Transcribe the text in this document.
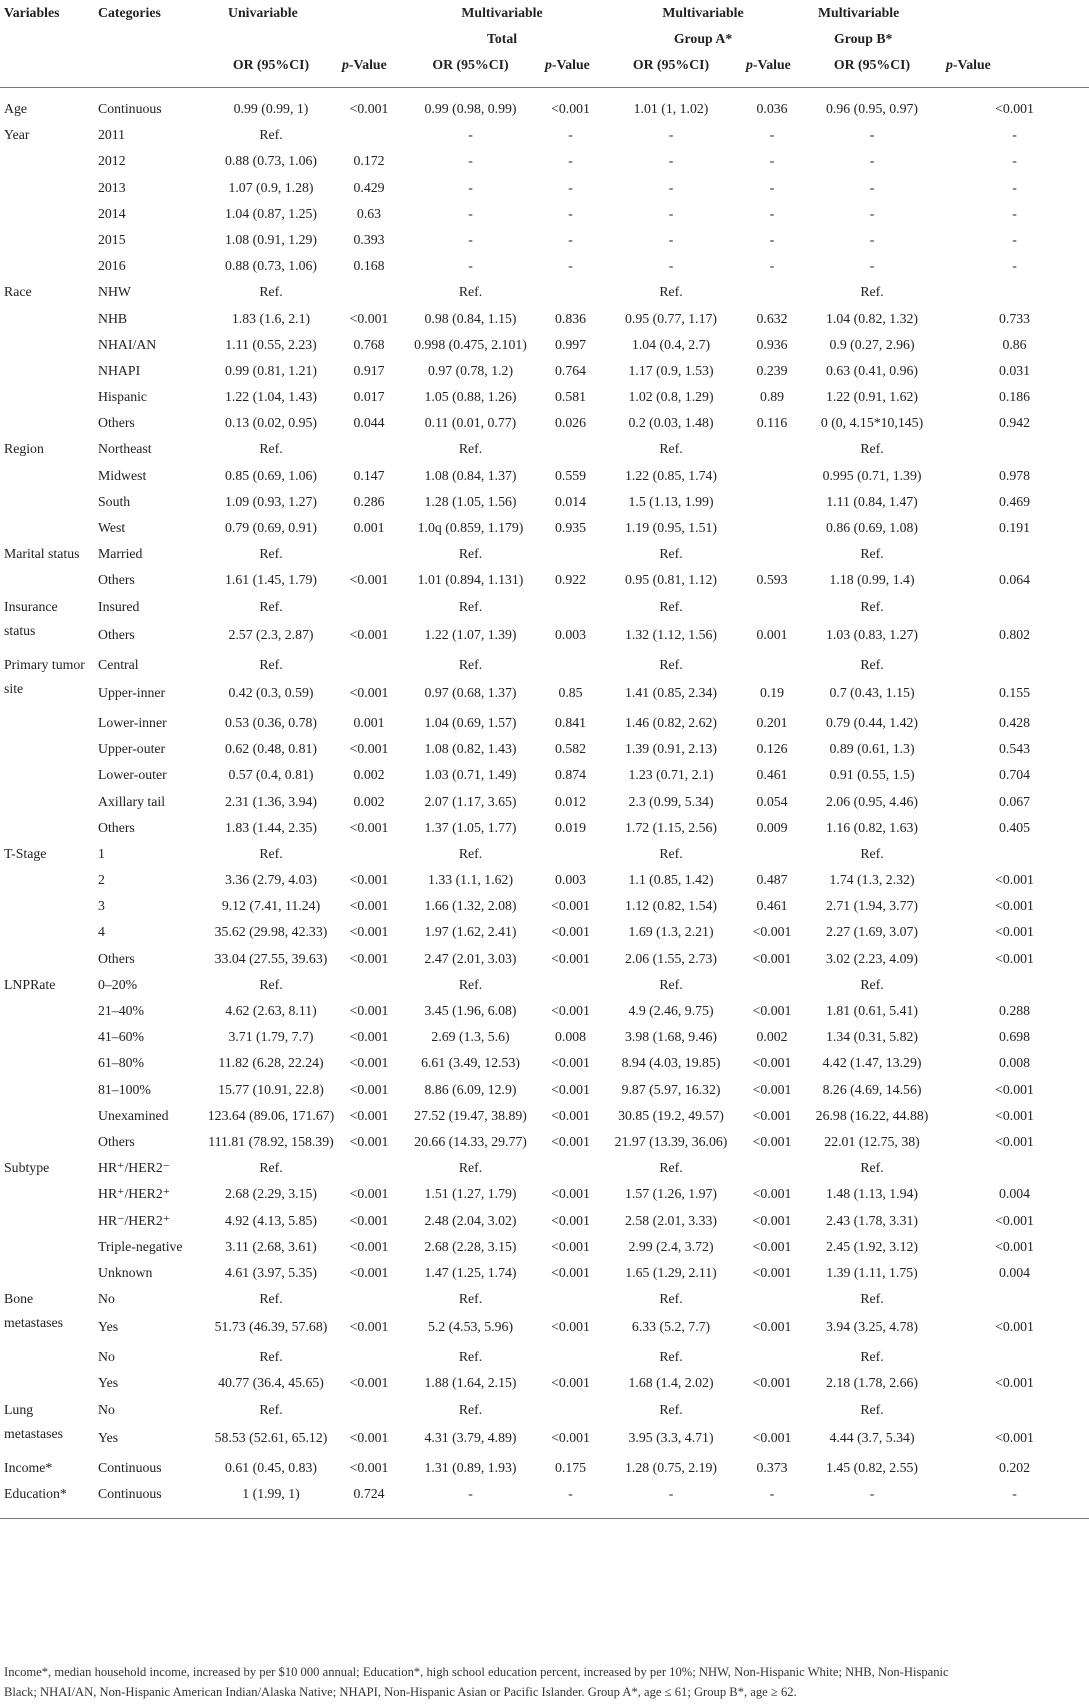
Variables	Categories	Univariable		Multivariable		Multivariable		Multivariable	
				Total		Group A*		Group B*	
		OR (95%CI)	p-Value	OR (95%CI)	p-Value	OR (95%CI)	p-Value	OR (95%CI)	p-Value

Age	Continuous	0.99 (0.99, 1)	<0.001	0.99 (0.98, 0.99)	<0.001	1.01 (1, 1.02)	0.036	0.96 (0.95, 0.97)	<0.001
Year	2011	Ref.		-	-	-	-	-	-
	2012	0.88 (0.73, 1.06)	0.172	-	-	-	-	-	-
	2013	1.07 (0.9, 1.28)	0.429	-	-	-	-	-	-
	2014	1.04 (0.87, 1.25)	0.63	-	-	-	-	-	-
	2015	1.08 (0.91, 1.29)	0.393	-	-	-	-	-	-
	2016	0.88 (0.73, 1.06)	0.168	-	-	-	-	-	-
Race	NHW	Ref.		Ref.		Ref.		Ref.	
	NHB	1.83 (1.6, 2.1)	<0.001	0.98 (0.84, 1.15)	0.836	0.95 (0.77, 1.17)	0.632	1.04 (0.82, 1.32)	0.733
	NHAI/AN	1.11 (0.55, 2.23)	0.768	0.998 (0.475, 2.101)	0.997	1.04 (0.4, 2.7)	0.936	0.9 (0.27, 2.96)	0.86
	NHAPI	0.99 (0.81, 1.21)	0.917	0.97 (0.78, 1.2)	0.764	1.17 (0.9, 1.53)	0.239	0.63 (0.41, 0.96)	0.031
	Hispanic	1.22 (1.04, 1.43)	0.017	1.05 (0.88, 1.26)	0.581	1.02 (0.8, 1.29)	0.89	1.22 (0.91, 1.62)	0.186
	Others	0.13 (0.02, 0.95)	0.044	0.11 (0.01, 0.77)	0.026	0.2 (0.03, 1.48)	0.116	0 (0, 4.15*10,145)	0.942
Region	Northeast	Ref.		Ref.		Ref.		Ref.	
	Midwest	0.85 (0.69, 1.06)	0.147	1.08 (0.84, 1.37)	0.559	1.22 (0.85, 1.74)		0.995 (0.71, 1.39)	0.978
	South	1.09 (0.93, 1.27)	0.286	1.28 (1.05, 1.56)	0.014	1.5 (1.13, 1.99)		1.11 (0.84, 1.47)	0.469
	West	0.79 (0.69, 0.91)	0.001	1.0q (0.859, 1.179)	0.935	1.19 (0.95, 1.51)		0.86 (0.69, 1.08)	0.191
Marital status	Married	Ref.		Ref.		Ref.		Ref.	
	Others	1.61 (1.45, 1.79)	<0.001	1.01 (0.894, 1.131)	0.922	0.95 (0.81, 1.12)	0.593	1.18 (0.99, 1.4)	0.064
Insurance	Insured	Ref.		Ref.		Ref.		Ref.	
status	Others	2.57 (2.3, 2.87)	<0.001	1.22 (1.07, 1.39)	0.003	1.32 (1.12, 1.56)	0.001	1.03 (0.83, 1.27)	0.802
Primary tumor	Central	Ref.		Ref.		Ref.		Ref.	
site	Upper-inner	0.42 (0.3, 0.59)	<0.001	0.97 (0.68, 1.37)	0.85	1.41 (0.85, 2.34)	0.19	0.7 (0.43, 1.15)	0.155
	Lower-inner	0.53 (0.36, 0.78)	0.001	1.04 (0.69, 1.57)	0.841	1.46 (0.82, 2.62)	0.201	0.79 (0.44, 1.42)	0.428
	Upper-outer	0.62 (0.48, 0.81)	<0.001	1.08 (0.82, 1.43)	0.582	1.39 (0.91, 2.13)	0.126	0.89 (0.61, 1.3)	0.543
	Lower-outer	0.57 (0.4, 0.81)	0.002	1.03 (0.71, 1.49)	0.874	1.23 (0.71, 2.1)	0.461	0.91 (0.55, 1.5)	0.704
	Axillary tail	2.31 (1.36, 3.94)	0.002	2.07 (1.17, 3.65)	0.012	2.3 (0.99, 5.34)	0.054	2.06 (0.95, 4.46)	0.067
	Others	1.83 (1.44, 2.35)	<0.001	1.37 (1.05, 1.77)	0.019	1.72 (1.15, 2.56)	0.009	1.16 (0.82, 1.63)	0.405
T-Stage	1	Ref.		Ref.		Ref.		Ref.	
	2	3.36 (2.79, 4.03)	<0.001	1.33 (1.1, 1.62)	0.003	1.1 (0.85, 1.42)	0.487	1.74 (1.3, 2.32)	<0.001
	3	9.12 (7.41, 11.24)	<0.001	1.66 (1.32, 2.08)	<0.001	1.12 (0.82, 1.54)	0.461	2.71 (1.94, 3.77)	<0.001
	4	35.62 (29.98, 42.33)	<0.001	1.97 (1.62, 2.41)	<0.001	1.69 (1.3, 2.21)	<0.001	2.27 (1.69, 3.07)	<0.001
	Others	33.04 (27.55, 39.63)	<0.001	2.47 (2.01, 3.03)	<0.001	2.06 (1.55, 2.73)	<0.001	3.02 (2.23, 4.09)	<0.001
LNPRate	0–20%	Ref.		Ref.		Ref.		Ref.	
	21–40%	4.62 (2.63, 8.11)	<0.001	3.45 (1.96, 6.08)	<0.001	4.9 (2.46, 9.75)	<0.001	1.81 (0.61, 5.41)	0.288
	41–60%	3.71 (1.79, 7.7)	<0.001	2.69 (1.3, 5.6)	0.008	3.98 (1.68, 9.46)	0.002	1.34 (0.31, 5.82)	0.698
	61–80%	11.82 (6.28, 22.24)	<0.001	6.61 (3.49, 12.53)	<0.001	8.94 (4.03, 19.85)	<0.001	4.42 (1.47, 13.29)	0.008
	81–100%	15.77 (10.91, 22.8)	<0.001	8.86 (6.09, 12.9)	<0.001	9.87 (5.97, 16.32)	<0.001	8.26 (4.69, 14.56)	<0.001
	Unexamined	123.64 (89.06, 171.67)	<0.001	27.52 (19.47, 38.89)	<0.001	30.85 (19.2, 49.57)	<0.001	26.98 (16.22, 44.88)	<0.001
	Others	111.81 (78.92, 158.39)	<0.001	20.66 (14.33, 29.77)	<0.001	21.97 (13.39, 36.06)	<0.001	22.01 (12.75, 38)	<0.001
Subtype	HR⁺/HER2⁻	Ref.		Ref.		Ref.		Ref.	
	HR⁺/HER2⁺	2.68 (2.29, 3.15)	<0.001	1.51 (1.27, 1.79)	<0.001	1.57 (1.26, 1.97)	<0.001	1.48 (1.13, 1.94)	0.004
	HR⁻/HER2⁺	4.92 (4.13, 5.85)	<0.001	2.48 (2.04, 3.02)	<0.001	2.58 (2.01, 3.33)	<0.001	2.43 (1.78, 3.31)	<0.001
	Triple-negative	3.11 (2.68, 3.61)	<0.001	2.68 (2.28, 3.15)	<0.001	2.99 (2.4, 3.72)	<0.001	2.45 (1.92, 3.12)	<0.001
	Unknown	4.61 (3.97, 5.35)	<0.001	1.47 (1.25, 1.74)	<0.001	1.65 (1.29, 2.11)	<0.001	1.39 (1.11, 1.75)	0.004
Bone	No	Ref.		Ref.		Ref.		Ref.	
metastases	Yes	51.73 (46.39, 57.68)	<0.001	5.2 (4.53, 5.96)	<0.001	6.33 (5.2, 7.7)	<0.001	3.94 (3.25, 4.78)	<0.001
	No	Ref.		Ref.		Ref.		Ref.	
	Yes	40.77 (36.4, 45.65)	<0.001	1.88 (1.64, 2.15)	<0.001	1.68 (1.4, 2.02)	<0.001	2.18 (1.78, 2.66)	<0.001
Lung	No	Ref.		Ref.		Ref.		Ref.	
metastases	Yes	58.53 (52.61, 65.12)	<0.001	4.31 (3.79, 4.89)	<0.001	3.95 (3.3, 4.71)	<0.001	4.44 (3.7, 5.34)	<0.001
Income*	Continuous	0.61 (0.45, 0.83)	<0.001	1.31 (0.89, 1.93)	0.175	1.28 (0.75, 2.19)	0.373	1.45 (0.82, 2.55)	0.202
Education*	Continuous	1 (1.99, 1)	0.724	-	-	-	-	-	-

Income*, median household income, increased by per $10 000 annual; Education*, high school education percent, increased by per 10%; NHW, Non-Hispanic White; NHB, Non-Hispanic
Black; NHAI/AN, Non-Hispanic American Indian/Alaska Native; NHAPI, Non-Hispanic Asian or Pacific Islander. Group A*, age ≤ 61; Group B*, age ≥ 62.
